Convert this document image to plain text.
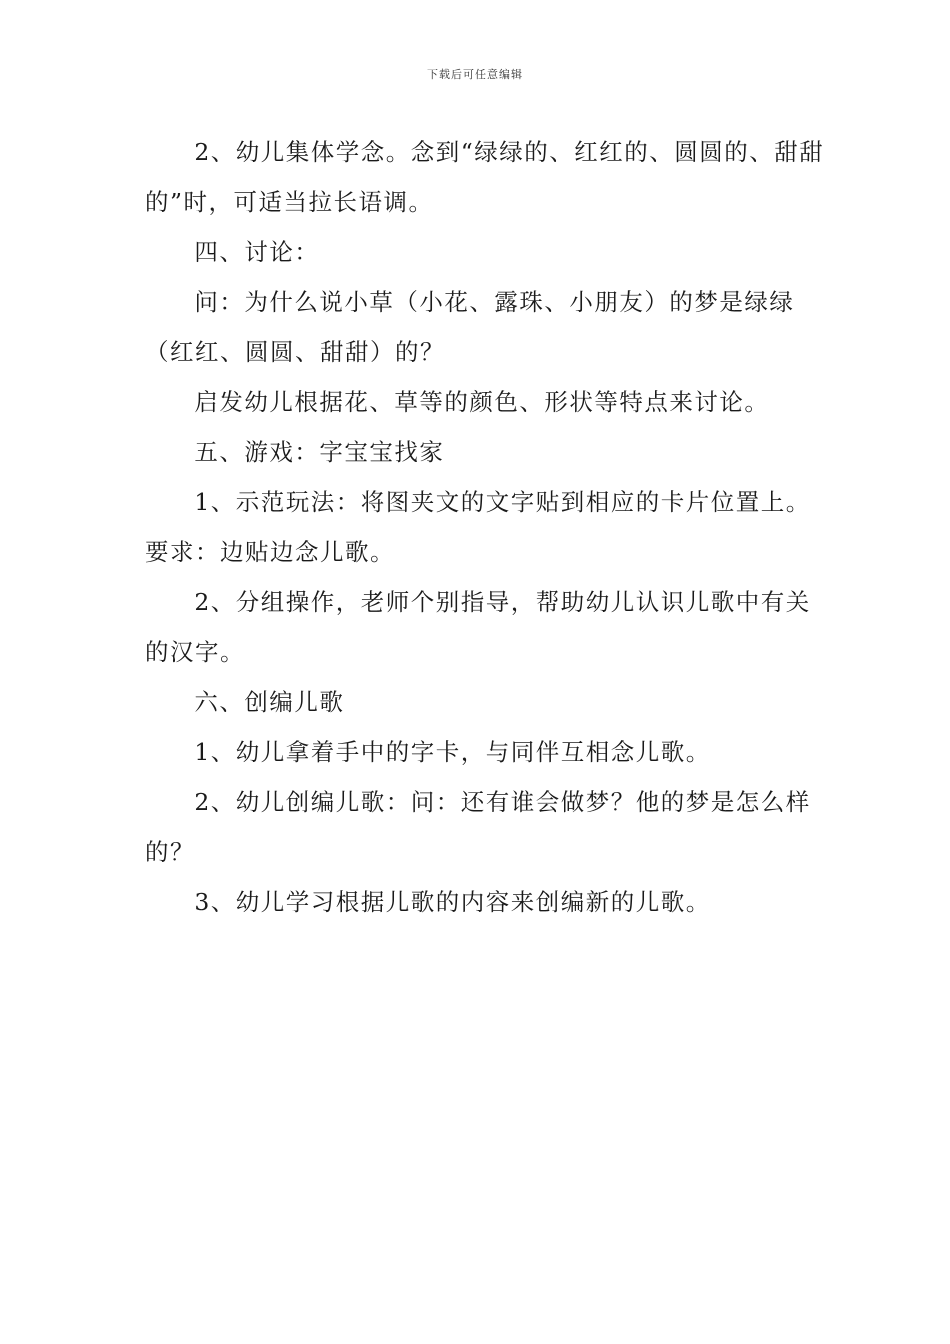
下载后可任意编辑

2、幼儿集体学念。念到“绿绿的、红红的、圆圆的、甜甜的”时，可适当拉长语调。

四、讨论：

问：为什么说小草（小花、露珠、小朋友）的梦是绿绿（红红、圆圆、甜甜）的？

启发幼儿根据花、草等的颜色、形状等特点来讨论。

五、游戏：字宝宝找家

1、示范玩法：将图夹文的文字贴到相应的卡片位置上。要求：边贴边念儿歌。

2、分组操作，老师个别指导，帮助幼儿认识儿歌中有关的汉字。

六、创编儿歌

1、幼儿拿着手中的字卡，与同伴互相念儿歌。

2、幼儿创编儿歌：问：还有谁会做梦？他的梦是怎么样的？

3、幼儿学习根据儿歌的内容来创编新的儿歌。
